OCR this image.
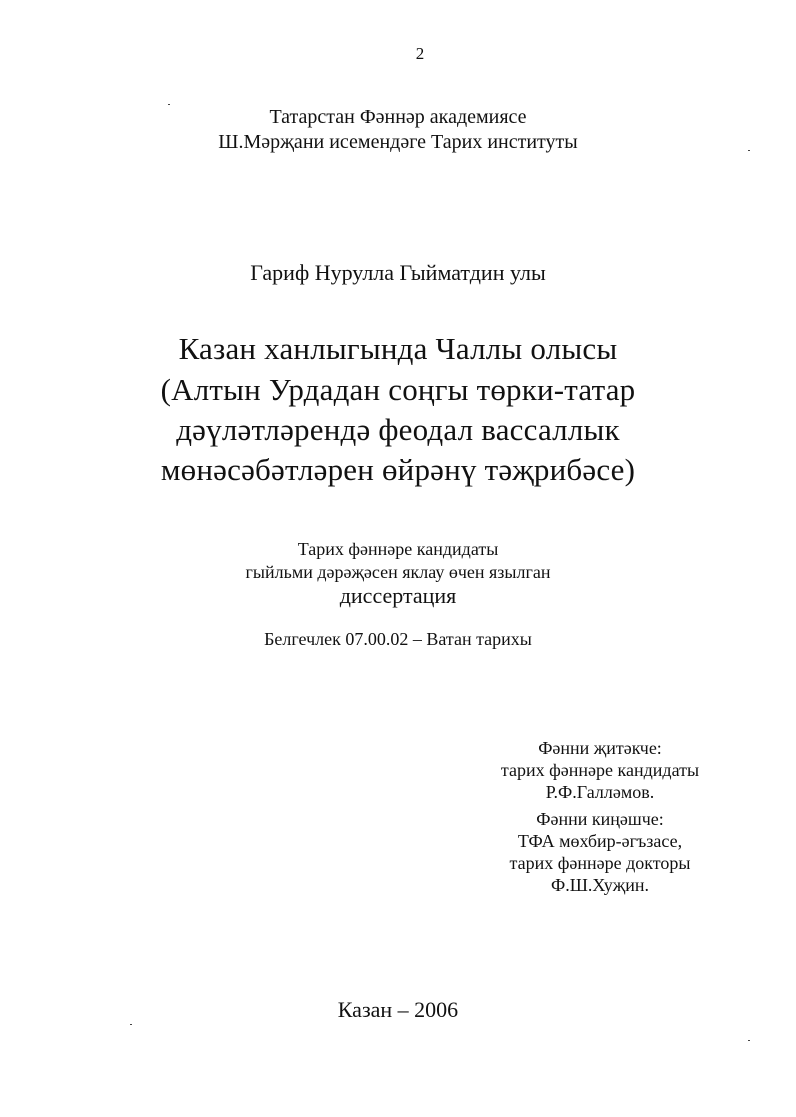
2
Татарстан Фәннәр академиясе
Ш.Мәрҗани исемендәге Тарих институты
Гариф Нурулла Гыйматдин улы
Казан ханлыгында Чаллы олысы
(Алтын Урдадан соңгы төрки-татар
дәүләтләрендә феодал вассаллык
мөнәсәбәтләрен өйрәнү тәҗрибәсе)
Тарих фәннәре кандидаты
гыйльми дәрәҗәсен яклау өчен язылган
диссертация
Белгечлек 07.00.02 – Ватан тарихы
Фәнни җитәкче:
тарих фәннәре кандидаты
Р.Ф.Галләмов.
Фәнни киңәшче:
ТФА мөхбир-әгъзасе,
тарих фәннәре докторы
Ф.Ш.Хуҗин.
Казан – 2006
